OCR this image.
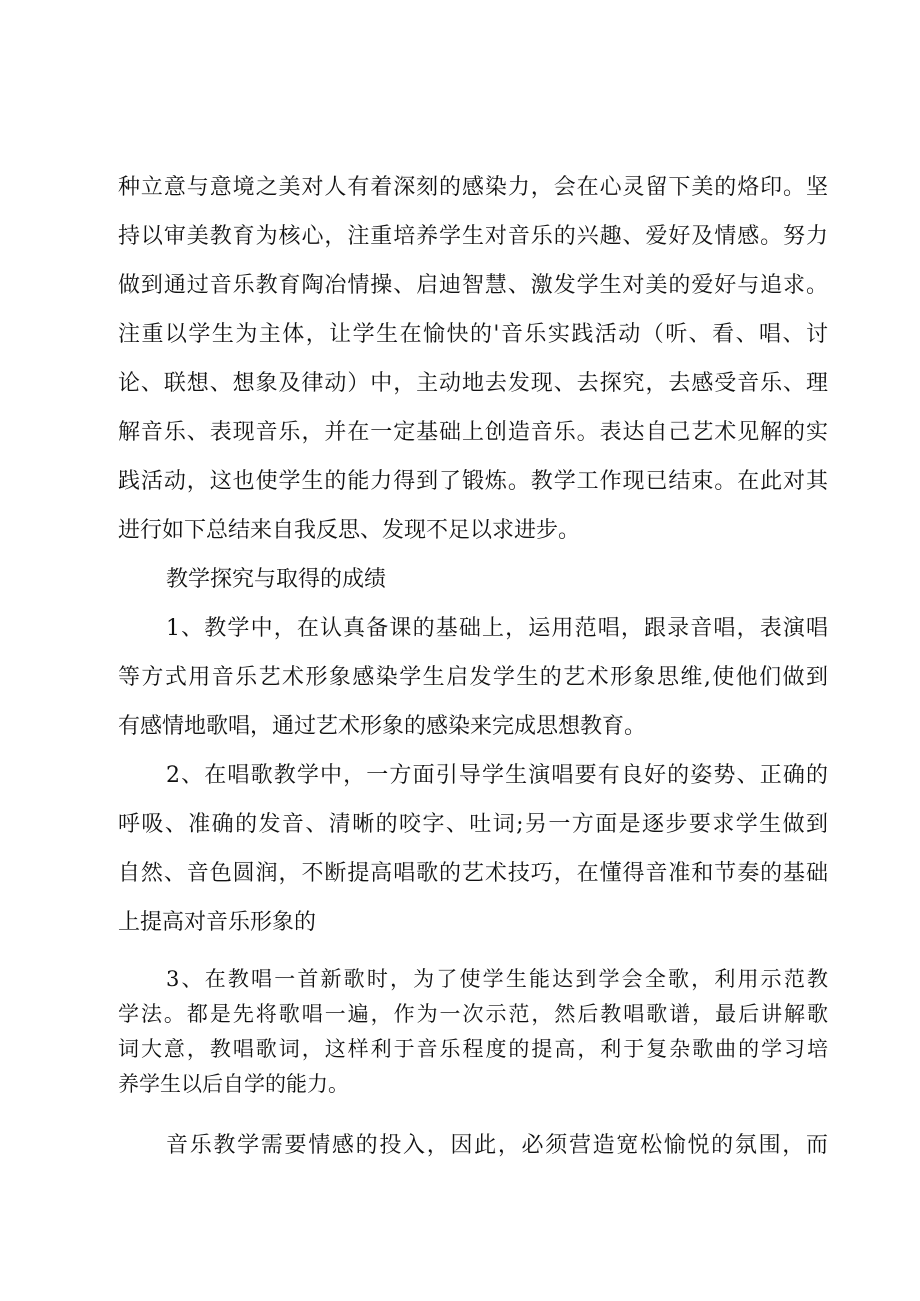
种立意与意境之美对人有着深刻的感染力，会在心灵留下美的烙印。坚
持以审美教育为核心，注重培养学生对音乐的兴趣、爱好及情感。努力
做到通过音乐教育陶冶情操、启迪智慧、激发学生对美的爱好与追求。
注重以学生为主体，让学生在愉快的'音乐实践活动（听、看、唱、讨
论、联想、想象及律动）中，主动地去发现、去探究，去感受音乐、理
解音乐、表现音乐，并在一定基础上创造音乐。表达自己艺术见解的实
践活动，这也使学生的能力得到了锻炼。教学工作现已结束。在此对其
进行如下总结来自我反思、发现不足以求进步。
教学探究与取得的成绩
1、教学中，在认真备课的基础上，运用范唱，跟录音唱，表演唱
等方式用音乐艺术形象感染学生启发学生的艺术形象思维,使他们做到
有感情地歌唱，通过艺术形象的感染来完成思想教育。
2、在唱歌教学中，一方面引导学生演唱要有良好的姿势、正确的
呼吸、准确的发音、清晰的咬字、吐词;另一方面是逐步要求学生做到
自然、音色圆润，不断提高唱歌的艺术技巧，在懂得音准和节奏的基础
上提高对音乐形象的
3、在教唱一首新歌时，为了使学生能达到学会全歌，利用示范教
学法。都是先将歌唱一遍，作为一次示范，然后教唱歌谱，最后讲解歌
词大意，教唱歌词，这样利于音乐程度的提高，利于复杂歌曲的学习培
养学生以后自学的能力。
音乐教学需要情感的投入，因此，必须营造宽松愉悦的氛围，而
